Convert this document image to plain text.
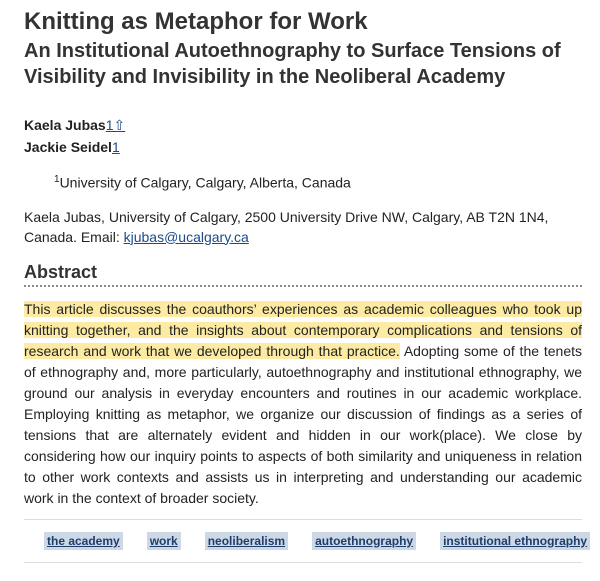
Knitting as Metaphor for Work
An Institutional Autoethnography to Surface Tensions of Visibility and Invisibility in the Neoliberal Academy
Kaela Jubas1⇧
Jackie Seidel1
$^1$University of Calgary, Calgary, Alberta, Canada
Kaela Jubas, University of Calgary, 2500 University Drive NW, Calgary, AB T2N 1N4, Canada. Email: kjubas@ucalgary.ca
Abstract
This article discusses the coauthors’ experiences as academic colleagues who took up knitting together, and the insights about contemporary complications and tensions of research and work that we developed through that practice. Adopting some of the tenets of ethnography and, more particularly, autoethnography and institutional ethnography, we ground our analysis in everyday encounters and routines in our academic workplace. Employing knitting as metaphor, we organize our discussion of findings as a series of tensions that are alternately evident and hidden in our work(place). We close by considering how our inquiry points to aspects of both similarity and uniqueness in relation to other work contexts and assists us in interpreting and understanding our academic work in the context of broader society.
the academy	work	neoliberalism	autoethnography	institutional ethnography
